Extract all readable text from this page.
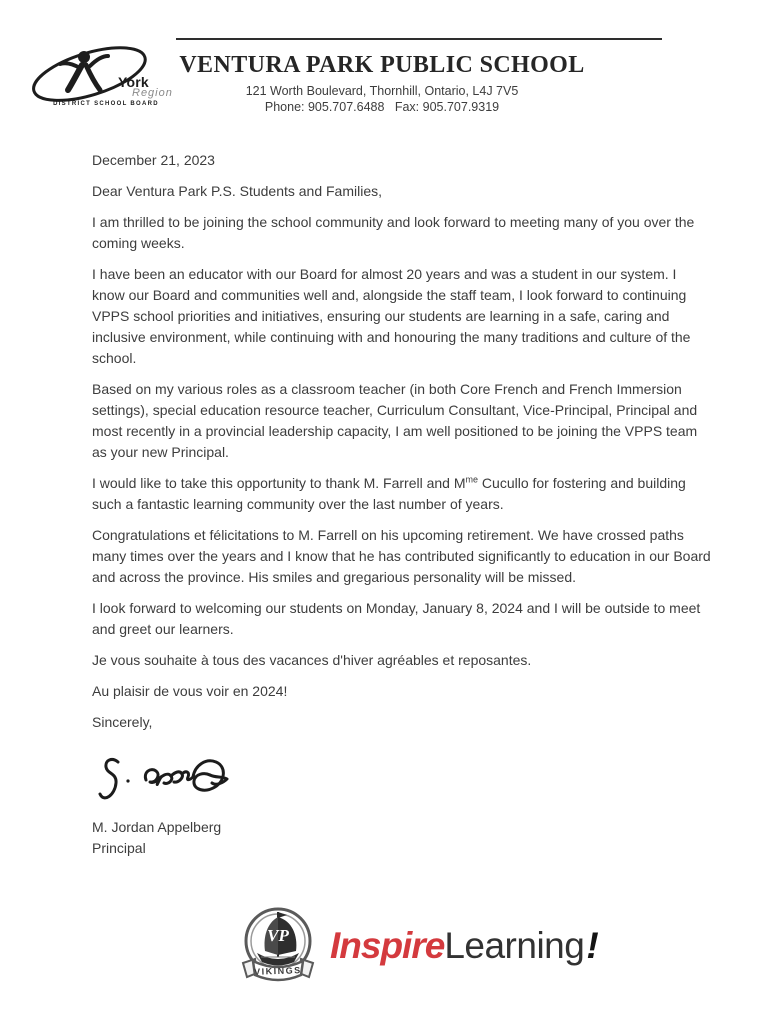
York
Region
DISTRICT SCHOOL BOARD
VENTURA PARK PUBLIC SCHOOL
121 Worth Boulevard, Thornhill, Ontario, L4J 7V5
Phone: 905.707.6488   Fax: 905.707.9319

December 21, 2023

Dear Ventura Park P.S. Students and Families,

I am thrilled to be joining the school community and look forward to meeting many of you over the coming weeks.

I have been an educator with our Board for almost 20 years and was a student in our system. I know our Board and communities well and, alongside the staff team, I look forward to continuing VPPS school priorities and initiatives, ensuring our students are learning in a safe, caring and inclusive environment, while continuing with and honouring the many traditions and culture of the school.

Based on my various roles as a classroom teacher (in both Core French and French Immersion settings), special education resource teacher, Curriculum Consultant, Vice-Principal, Principal and most recently in a provincial leadership capacity, I am well positioned to be joining the VPPS team as your new Principal.

I would like to take this opportunity to thank M. Farrell and $M^{me}$ Cucullo for fostering and building such a fantastic learning community over the last number of years.

Congratulations et félicitations to M. Farrell on his upcoming retirement. We have crossed paths many times over the years and I know that he has contributed significantly to education in our Board and across the province. His smiles and gregarious personality will be missed.

I look forward to welcoming our students on Monday, January 8, 2024 and I will be outside to meet and greet our learners.

Je vous souhaite à tous des vacances d'hiver agréables et reposantes.

Au plaisir de vous voir en 2024!

Sincerely,

M. Jordan Appelberg
Principal
VP
VIKINGS
Inspire Learning !
